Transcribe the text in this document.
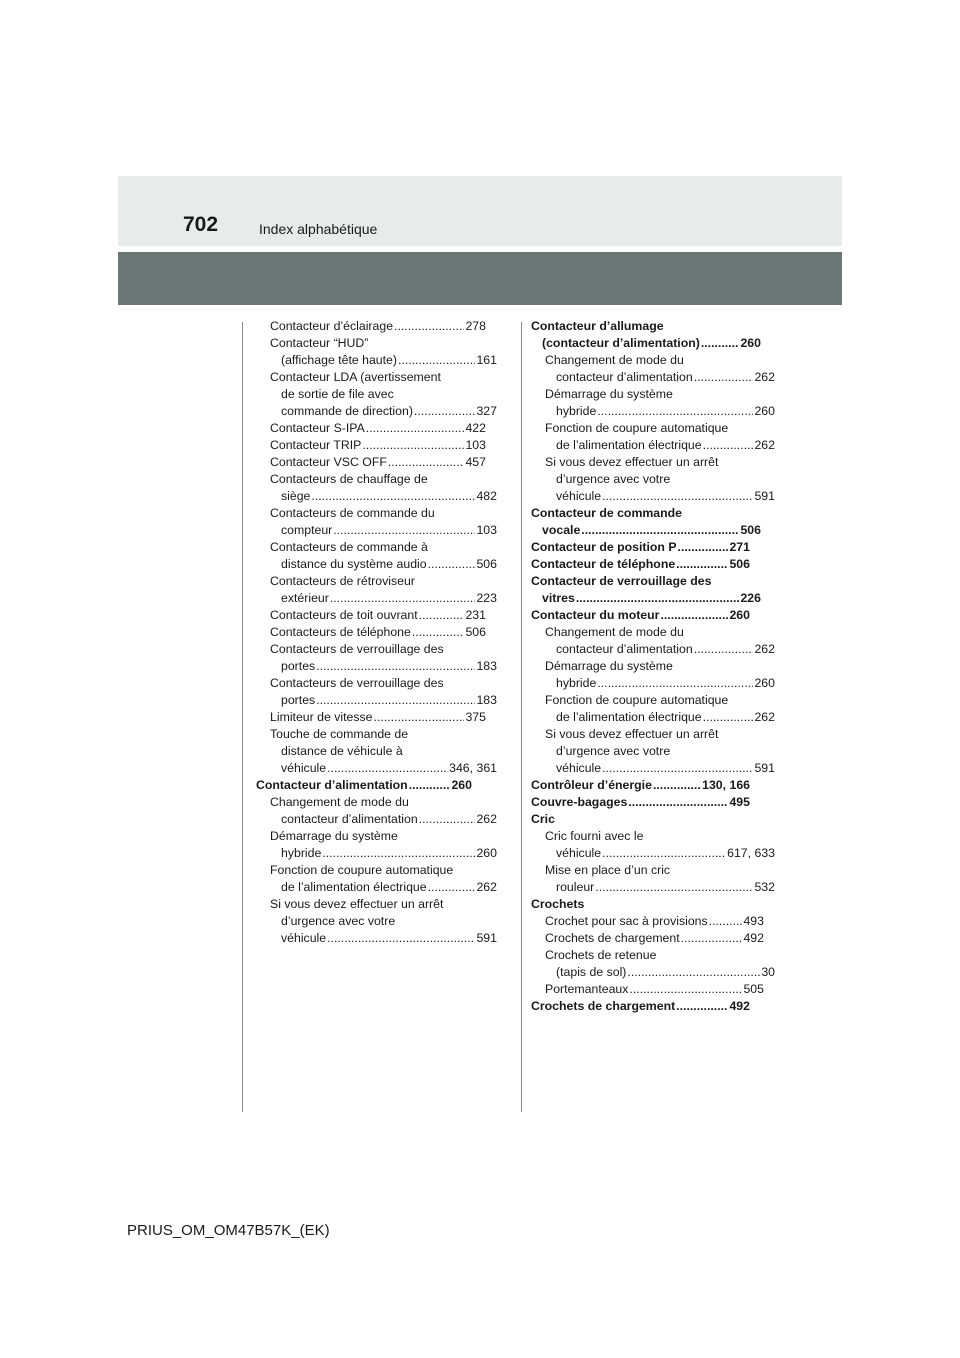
702	Index alphabétique
Contacteur d’éclairage .....	278
Contacteur “HUD”
(affichage tête haute) .....	161
Contacteur LDA (avertissement
de sortie de file avec
commande de direction) .....	327
Contacteur S-IPA .....	422
Contacteur TRIP .....	103
Contacteur VSC OFF .....	457
Contacteurs de chauffage de
siège .....	482
Contacteurs de commande du
compteur .....	103
Contacteurs de commande à
distance du système audio .....	506
Contacteurs de rétroviseur
extérieur .....	223
Contacteurs de toit ouvrant .....	231
Contacteurs de téléphone .....	506
Contacteurs de verrouillage des
portes .....	183
Contacteurs de verrouillage des
portes .....	183
Limiteur de vitesse .....	375
Touche de commande de
distance de véhicule à
véhicule .....	346, 361
Contacteur d’alimentation .....	260
Changement de mode du
contacteur d’alimentation .....	262
Démarrage du système
hybride .....	260
Fonction de coupure automatique
de l’alimentation électrique .....	262
Si vous devez effectuer un arrêt
d’urgence avec votre
véhicule .....	591
Contacteur d’allumage
(contacteur d’alimentation) .....	260
Changement de mode du
contacteur d’alimentation .....	262
Démarrage du système
hybride .....	260
Fonction de coupure automatique
de l’alimentation électrique .....	262
Si vous devez effectuer un arrêt
d’urgence avec votre
véhicule .....	591
Contacteur de commande
vocale .....	506
Contacteur de position P .....	271
Contacteur de téléphone .....	506
Contacteur de verrouillage des
vitres .....	226
Contacteur du moteur .....	260
Changement de mode du
contacteur d’alimentation .....	262
Démarrage du système
hybride .....	260
Fonction de coupure automatique
de l’alimentation électrique .....	262
Si vous devez effectuer un arrêt
d’urgence avec votre
véhicule .....	591
Contrôleur d’énergie .....	130, 166
Couvre-bagages .....	495
Cric
Cric fourni avec le
véhicule .....	617, 633
Mise en place d’un cric
rouleur .....	532
Crochets
Crochet pour sac à provisions .....	493
Crochets de chargement .....	492
Crochets de retenue
(tapis de sol) .....	30
Portemanteaux .....	505
Crochets de chargement .....	492
PRIUS_OM_OM47B57K_(EK)
